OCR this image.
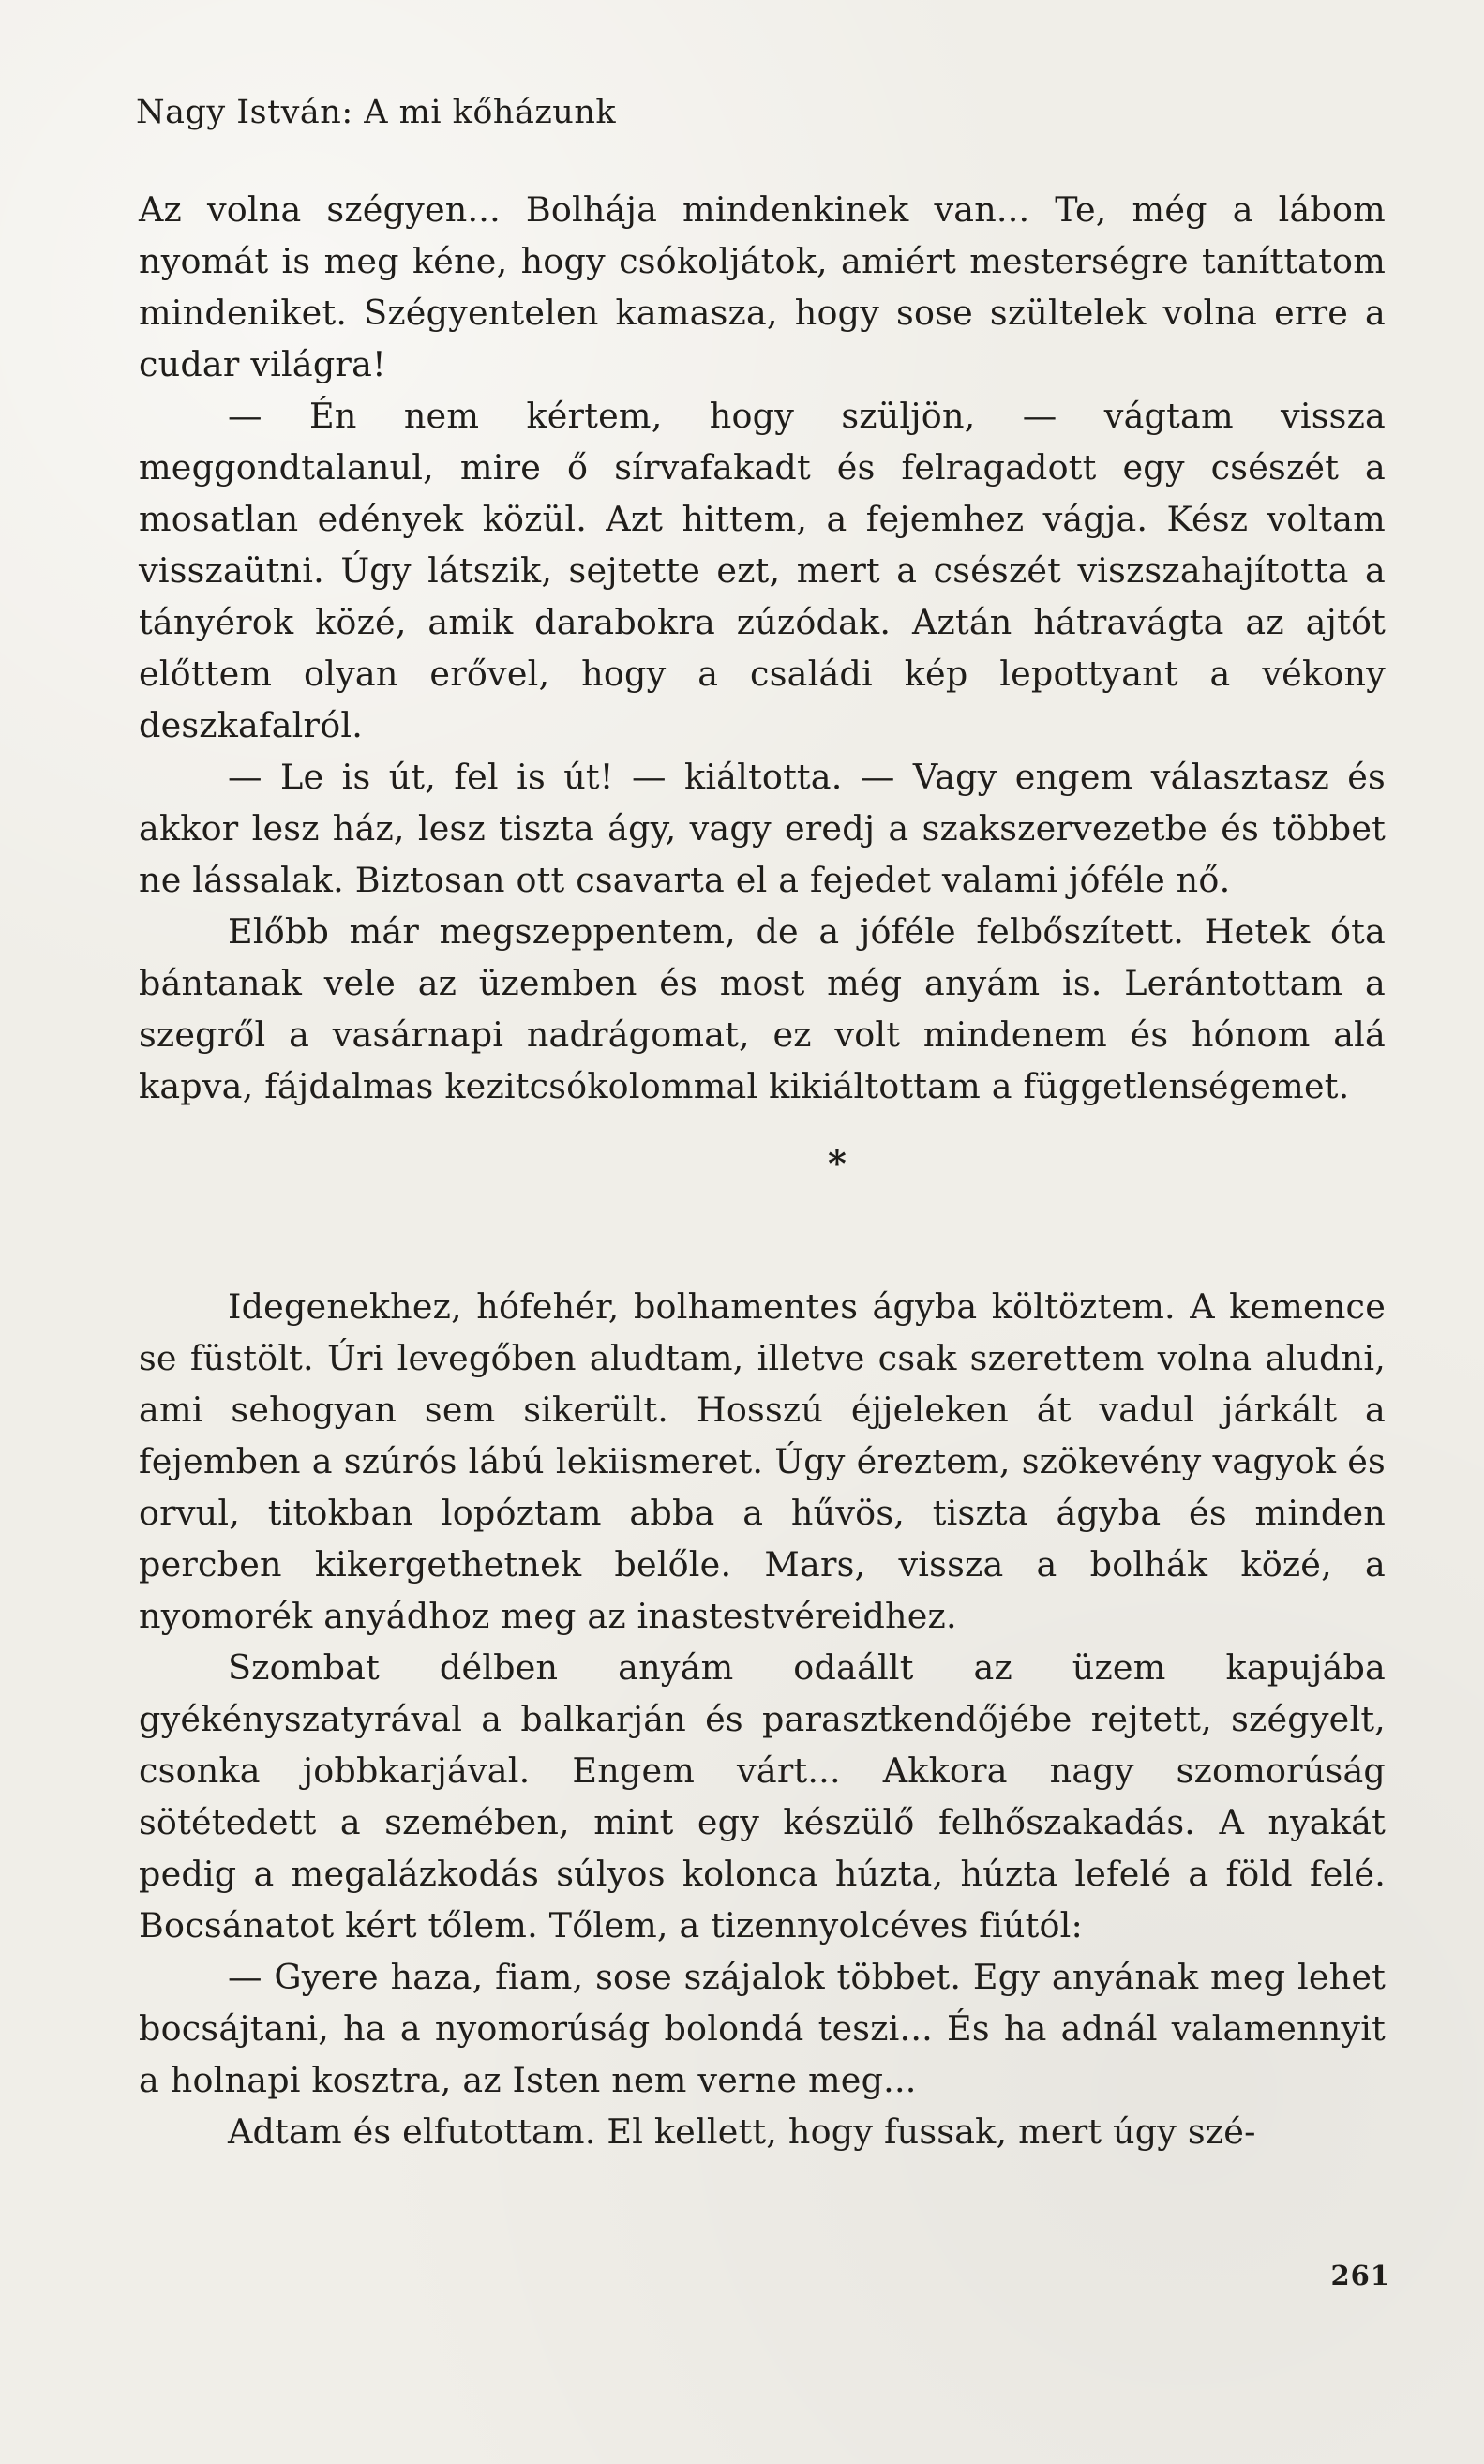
Nagy István: A mi kőházunk

Az volna szégyen... Bolhája mindenkinek van... Te, még a lábom nyomát is meg kéne, hogy csókoljátok, amiért mesterségre taníttatom mindeniket. Szégyentelen kamasza, hogy sose szültelek volna erre a cudar világra!

— Én nem kértem, hogy szüljön, — vágtam vissza meggondtalanul, mire ő sírvafakadt és felragadott egy csészét a mosatlan edények közül. Azt hittem, a fejemhez vágja. Kész voltam visszaütni. Úgy látszik, sejtette ezt, mert a csészét viszszahajította a tányérok közé, amik darabokra zúzódak. Aztán hátravágta az ajtót előttem olyan erővel, hogy a családi kép lepottyant a vékony deszkafalról.

— Le is út, fel is út! — kiáltotta. — Vagy engem választasz és akkor lesz ház, lesz tiszta ágy, vagy eredj a szakszervezetbe és többet ne lássalak. Biztosan ott csavarta el a fejedet valami jóféle nő.

Előbb már megszeppentem, de a jóféle felbőszített. Hetek óta bántanak vele az üzemben és most még anyám is. Lerántottam a szegről a vasárnapi nadrágomat, ez volt mindenem és hónom alá kapva, fájdalmas kezitcsókolommal kikiáltottam a függetlenségemet.

*

Idegenekhez, hófehér, bolhamentes ágyba költöztem. A kemence se füstölt. Úri levegőben aludtam, illetve csak szerettem volna aludni, ami sehogyan sem sikerült. Hosszú éjjeleken át vadul járkált a fejemben a szúrós lábú lekiismeret. Úgy éreztem, szökevény vagyok és orvul, titokban lopóztam abba a hűvös, tiszta ágyba és minden percben kikergethetnek belőle. Mars, vissza a bolhák közé, a nyomorék anyádhoz meg az inastestvéreidhez.

Szombat délben anyám odaállt az üzem kapujába gyékényszatyrával a balkarján és parasztkendőjébe rejtett, szégyelt, csonka jobbkarjával. Engem várt... Akkora nagy szomorúság sötétedett a szemében, mint egy készülő felhőszakadás. A nyakát pedig a megalázkodás súlyos kolonca húzta, húzta lefelé a föld felé. Bocsánatot kért tőlem. Tőlem, a tizennyolcéves fiútól:

— Gyere haza, fiam, sose szájalok többet. Egy anyának meg lehet bocsájtani, ha a nyomorúság bolondá teszi... És ha adnál valamennyit a holnapi kosztra, az Isten nem verne meg...

Adtam és elfutottam. El kellett, hogy fussak, mert úgy szé-

261
